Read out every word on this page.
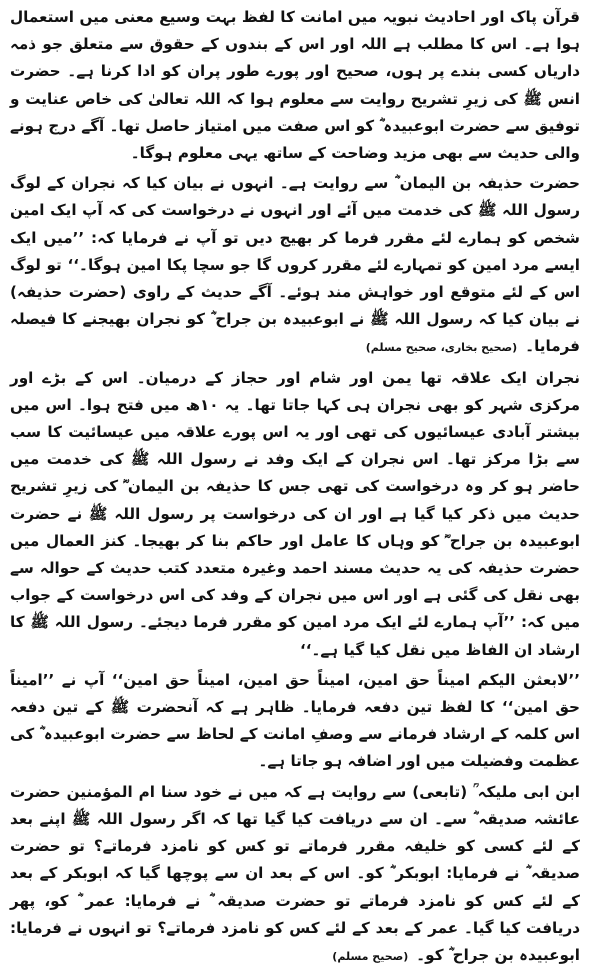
قرآن پاک اور احادیث نبویہ میں امانت کا لفظ بہت وسیع معنی میں استعمال ہوا ہے۔ اس کا مطلب ہے اللہ اور اس کے بندوں کے حقوق سے متعلق جو ذمہ داریاں کسی بندے پر ہوں، صحیح اور پورے طور پران کو ادا کرنا ہے۔ حضرت انس ﷺ کی زیرِ تشریح روایت سے معلوم ہوا کہ اللہ تعالیٰ کی خاص عنایت و توفیق سے حضرت ابوعبیدہ ؓ کو اس صفت میں امتیاز حاصل تھا۔ آگے درج ہونے والی حدیث سے بھی مزید وضاحت کے ساتھ یہی معلوم ہوگا۔

حضرت حذیفہ بن الیمان ؓ سے روایت ہے۔ انہوں نے بیان کیا کہ نجران کے لوگ رسول اللہ ﷺ کی خدمت میں آئے اور انہوں نے درخواست کی کہ آپ ایک امین شخص کو ہمارے لئے مقرر فرما کر بھیج دیں تو آپ نے فرمایا کہ: ’’میں ایک ایسے مرد امین کو تمہارے لئے مقرر کروں گا جو سچا پکا امین ہوگا۔‘‘ تو لوگ اس کے لئے متوقع اور خواہش مند ہوئے۔ آگے حدیث کے راوی (حضرت حذیفہ) نے بیان کیا کہ رسول اللہ ﷺ نے ابوعبیدہ بن جراح ؓ کو نجران بھیجنے کا فیصلہ فرمایا۔(صحیح بخاری، صحیح مسلم)

نجران ایک علاقہ تھا یمن اور شام اور حجاز کے درمیان۔ اس کے بڑے اور مرکزی شہر کو بھی نجران ہی کہا جاتا تھا۔ یہ ۱۰ھ میں فتح ہوا۔ اس میں بیشتر آبادی عیسائیوں کی تھی اور یہ اس پورے علاقہ میں عیسائیت کا سب سے بڑا مرکز تھا۔ اس نجران کے ایک وفد نے رسول اللہ ﷺ کی خدمت میں حاضر ہو کر وہ درخواست کی تھی جس کا حذیفہ بن الیمان ؓ کی زیرِ تشریح حدیث میں ذکر کیا گیا ہے اور ان کی درخواست پر رسول اللہ ﷺ نے حضرت ابوعبیدہ بن جراح ؓ کو وہاں کا عامل اور حاکم بنا کر بھیجا۔ کنز العمال میں حضرت حذیفہ کی یہ حدیث مسند احمد وغیرہ متعدد کتب حدیث کے حوالہ سے بھی نقل کی گئی ہے اور اس میں نجران کے وفد کی اس درخواست کے جواب میں کہ: ’’آپ ہمارے لئے ایک مرد امین کو مقرر فرما دیجئے۔ رسول اللہ ﷺ کا ارشاد ان الفاظ میں نقل کیا گیا ہے۔‘‘

’’لابعثن الیکم امیناً حق امین، امیناً حق امین، امیناً حق امین‘‘ آپ نے ’’امیناً حق امین‘‘ کا لفظ تین دفعہ فرمایا۔ ظاہر ہے کہ آنحضرت ﷺ کے تین دفعہ اس کلمہ کے ارشاد فرمانے سے وصفِ امانت کے لحاظ سے حضرت ابوعبیدہ ؓ کی عظمت وفضیلت میں اور اضافہ ہو جاتا ہے۔

ابن ابی ملیکہ ؒ (تابعی) سے روایت ہے کہ میں نے خود سنا ام المؤمنین حضرت عائشہ صدیقہ ؓ سے۔ ان سے دریافت کیا گیا تھا کہ اگر رسول اللہ ﷺ اپنے بعد کے لئے کسی کو خلیفہ مقرر فرماتے تو کس کو نامزد فرماتے؟ تو حضرت صدیقہ ؓ نے فرمایا: ابوبکر ؓ کو۔ اس کے بعد ان سے پوچھا گیا کہ ابوبکر کے بعد کے لئے کس کو نامزد فرماتے تو حضرت صدیقہ ؓ نے فرمایا: عمر ؓ کو، پھر دریافت کیا گیا۔ عمر کے بعد کے لئے کس کو نامزد فرماتے؟ تو انہوں نے فرمایا: ابوعبیدہ بن جراح ؓ کو۔(صحیح مسلم)
